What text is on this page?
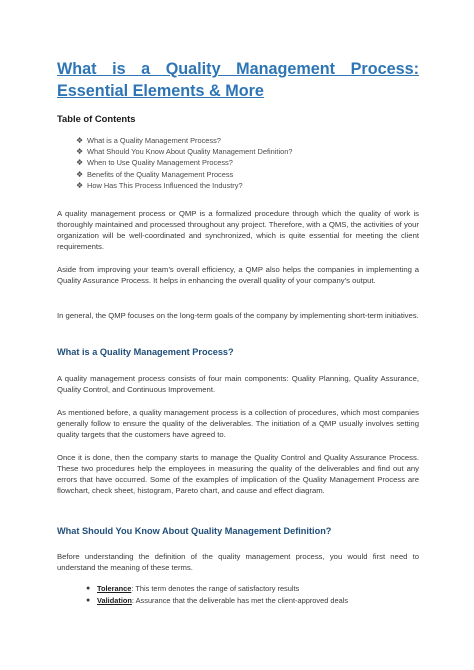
What is a Quality Management Process: Essential Elements & More

Table of Contents

❖ What is a Quality Management Process?
❖ What Should You Know About Quality Management Definition?
❖ When to Use Quality Management Process?
❖ Benefits of the Quality Management Process
❖ How Has This Process Influenced the Industry?

A quality management process or QMP is a formalized procedure through which the quality of work is thoroughly maintained and processed throughout any project. Therefore, with a QMS, the activities of your organization will be well-coordinated and synchronized, which is quite essential for meeting the client requirements.

Aside from improving your team’s overall efficiency, a QMP also helps the companies in implementing a Quality Assurance Process. It helps in enhancing the overall quality of your company’s output.

In general, the QMP focuses on the long-term goals of the company by implementing short-term initiatives.

What is a Quality Management Process?

A quality management process consists of four main components: Quality Planning, Quality Assurance, Quality Control, and Continuous Improvement.

As mentioned before, a quality management process is a collection of procedures, which most companies generally follow to ensure the quality of the deliverables. The initiation of a QMP usually involves setting quality targets that the customers have agreed to.

Once it is done, then the company starts to manage the Quality Control and Quality Assurance Process. These two procedures help the employees in measuring the quality of the deliverables and find out any errors that have occurred. Some of the examples of implication of the Quality Management Process are flowchart, check sheet, histogram, Pareto chart, and cause and effect diagram.

What Should You Know About Quality Management Definition?

Before understanding the definition of the quality management process, you would first need to understand the meaning of these terms.

● Tolerance: This term denotes the range of satisfactory results
● Validation: Assurance that the deliverable has met the client-approved deals
